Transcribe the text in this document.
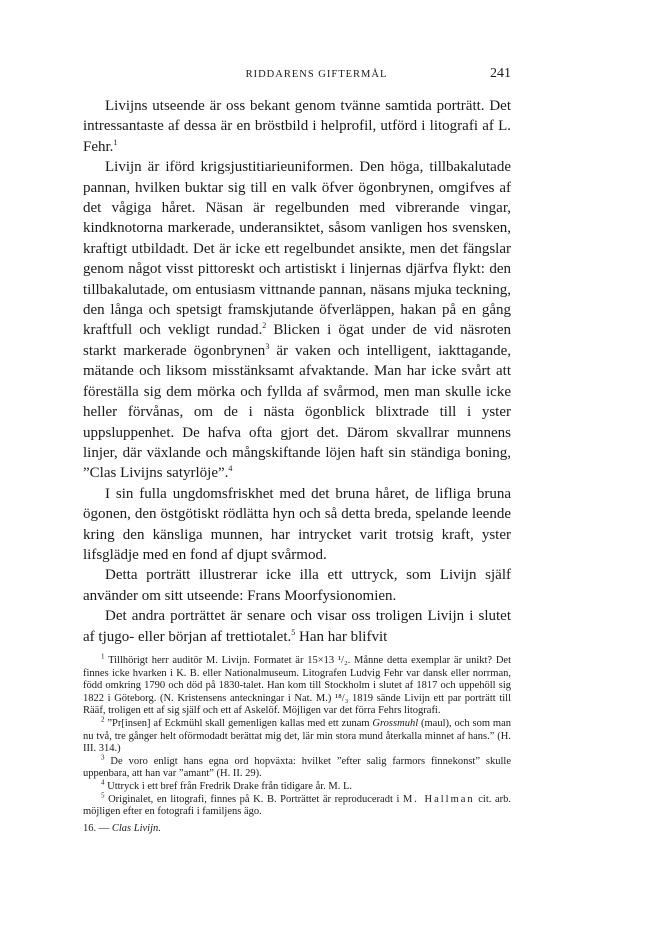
RIDDARENS GIFTERMÅL	241

Livijns utseende är oss bekant genom tvänne samtida porträtt. Det intressantaste af dessa är en bröstbild i helprofil, utförd i litografi af L. Fehr.$^1$

Livijn är iförd krigsjustitiarieuniformen. Den höga, tillbakalutade pannan, hvilken buktar sig till en valk öfver ögonbrynen, omgifves af det vågiga håret. Näsan är regelbunden med vibrerande vingar, kindknotorna markerade, underansiktet, såsom vanligen hos svensken, kraftigt utbildadt. Det är icke ett regelbundet ansikte, men det fängslar genom något visst pittoreskt och artistiskt i linjernas djärfva flykt: den tillbakalutade, om entusiasm vittnande pannan, näsans mjuka teckning, den långa och spetsigt framskjutande öfverläppen, hakan på en gång kraftfull och vekligt rundad.$^2$ Blicken i ögat under de vid näsroten starkt markerade ögonbrynen$^3$ är vaken och intelligent, iakttagande, mätande och liksom misstänksamt afvaktande. Man har icke svårt att föreställa sig dem mörka och fyllda af svårmod, men man skulle icke heller förvånas, om de i nästa ögonblick blixtrade till i yster uppsluppenhet. De hafva ofta gjort det. Därom skvallrar munnens linjer, där växlande och mångskiftande löjen haft sin ständiga boning, ”Clas Livijns satyrlöje”.$^4$

I sin fulla ungdomsfriskhet med det bruna håret, de lifliga bruna ögonen, den östgötiskt rödlätta hyn och så detta breda, spelande leende kring den känsliga munnen, har intrycket varit trotsig kraft, yster lifsglädje med en fond af djupt svårmod.

Detta porträtt illustrerar icke illa ett uttryck, som Livijn själf använder om sitt utseende: Frans Moorfysionomien.

Det andra porträttet är senare och visar oss troligen Livijn i slutet af tjugo- eller början af trettiotalet.$^5$ Han har blifvit

$^1$ Tillhörigt herr auditör M. Livijn. Formatet är 15×13 ¹/₂. Månne detta exemplar är unikt? Det finnes icke hvarken i K. B. eller Nationalmuseum. Litografen Ludvig Fehr var dansk eller norrman, född omkring 1790 och död på 1830-talet. Han kom till Stockholm i slutet af 1817 och uppehöll sig 1822 i Göteborg. (N. Kristensens anteckningar i Nat. M.) ¹⁸/₃ 1819 sände Livijn ett par porträtt till Rääf, troligen ett af sig själf och ett af Askelöf. Möjligen var det förra Fehrs litografi.

$^2$ ”Pr[insen] af Eckmühl skall gemenligen kallas med ett zunam Grossmuhl (maul), och som man nu två, tre gånger helt oförmodadt berättat mig det, lär min stora mund återkalla minnet af hans.” (H. III. 314.)

$^3$ De voro enligt hans egna ord hopväxta: hvilket ”efter salig farmors finnekonst” skulle uppenbara, att han var ”amant” (H. II. 29).

$^4$ Uttryck i ett bref från Fredrik Drake från tidigare år. M. L.

$^5$ Originalet, en litografi, finnes på K. B. Porträttet är reproduceradt i M. Hallman cit. arb. möjligen efter en fotografi i familjens ägo.

16. — Clas Livijn.
